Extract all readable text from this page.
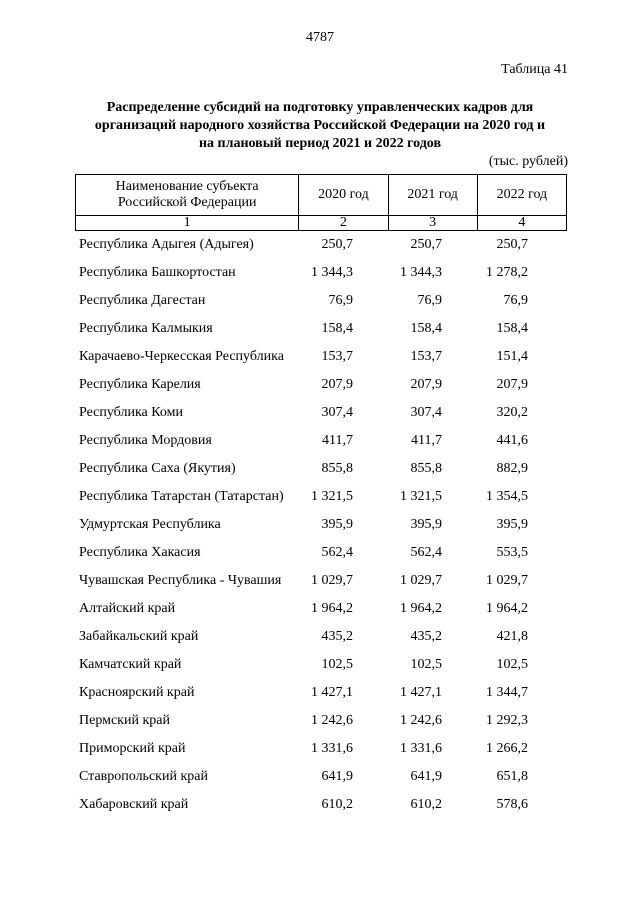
4787
Таблица 41
Распределение субсидий на подготовку управленческих кадров для
организаций народного хозяйства Российской Федерации на 2020 год и
на плановый период 2021 и 2022 годов
(тыс. рублей)
Наименование субъекта
Российской Федерации	2020 год	2021 год	2022 год
1	2	3	4
Республика Адыгея (Адыгея)	250,7	250,7	250,7
Республика Башкортостан	1 344,3	1 344,3	1 278,2
Республика Дагестан	76,9	76,9	76,9
Республика Калмыкия	158,4	158,4	158,4
Карачаево-Черкесская Республика	153,7	153,7	151,4
Республика Карелия	207,9	207,9	207,9
Республика Коми	307,4	307,4	320,2
Республика Мордовия	411,7	411,7	441,6
Республика Саха (Якутия)	855,8	855,8	882,9
Республика Татарстан (Татарстан)	1 321,5	1 321,5	1 354,5
Удмуртская Республика	395,9	395,9	395,9
Республика Хакасия	562,4	562,4	553,5
Чувашская Республика - Чувашия	1 029,7	1 029,7	1 029,7
Алтайский край	1 964,2	1 964,2	1 964,2
Забайкальский край	435,2	435,2	421,8
Камчатский край	102,5	102,5	102,5
Красноярский край	1 427,1	1 427,1	1 344,7
Пермский край	1 242,6	1 242,6	1 292,3
Приморский край	1 331,6	1 331,6	1 266,2
Ставропольский край	641,9	641,9	651,8
Хабаровский край	610,2	610,2	578,6
